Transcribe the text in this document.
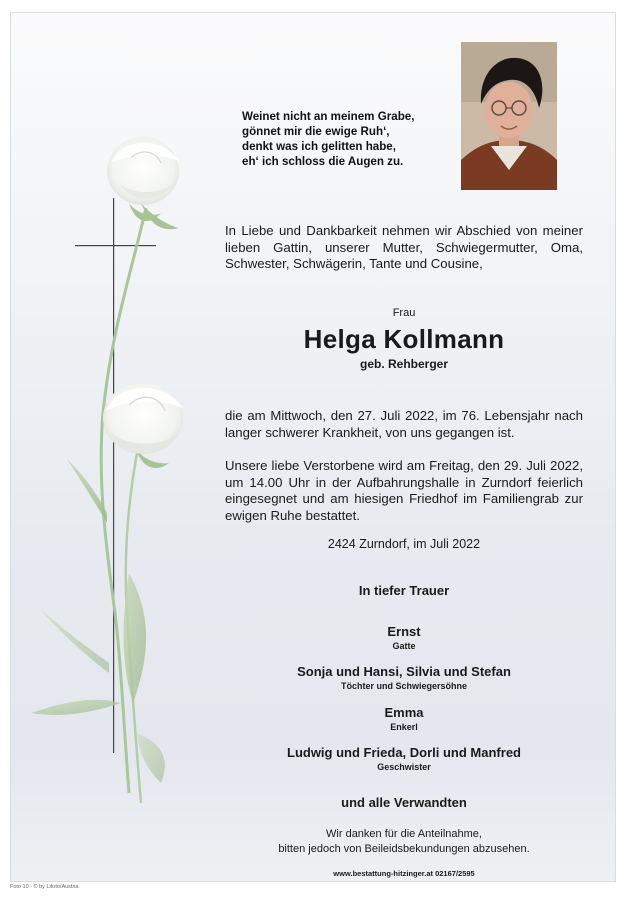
Weinet nicht an meinem Grabe,
gönnet mir die ewige Ruh‘,
denkt was ich gelitten habe,
eh‘ ich schloss die Augen zu.
In Liebe und Dankbarkeit nehmen wir Abschied von meiner lieben Gattin, unserer Mutter, Schwiegermutter, Oma, Schwester, Schwägerin, Tante und Cousine,
Frau
Helga Kollmann
geb. Rehberger
die am Mittwoch, den 27. Juli 2022, im 76. Lebensjahr nach langer schwerer Krankheit, von uns gegangen ist.
Unsere liebe Verstorbene wird am Freitag, den 29. Juli 2022, um 14.00 Uhr in der Aufbahrungshalle in Zurndorf feierlich eingesegnet und am hiesigen Friedhof im Familiengrab zur ewigen Ruhe bestattet.
2424 Zurndorf, im Juli 2022
In tiefer Trauer
Ernst
Gatte
Sonja und Hansi, Silvia und Stefan
Töchter und Schwiegersöhne
Emma
Enkerl
Ludwig und Frieda, Dorli und Manfred
Geschwister
und alle Verwandten
Wir danken für die Anteilnahme,
bitten jedoch von Beileidsbekundungen abzusehen.
www.bestattung-hitzinger.at 02167/2595
Foto 10 - © by Lifoto/Austria
